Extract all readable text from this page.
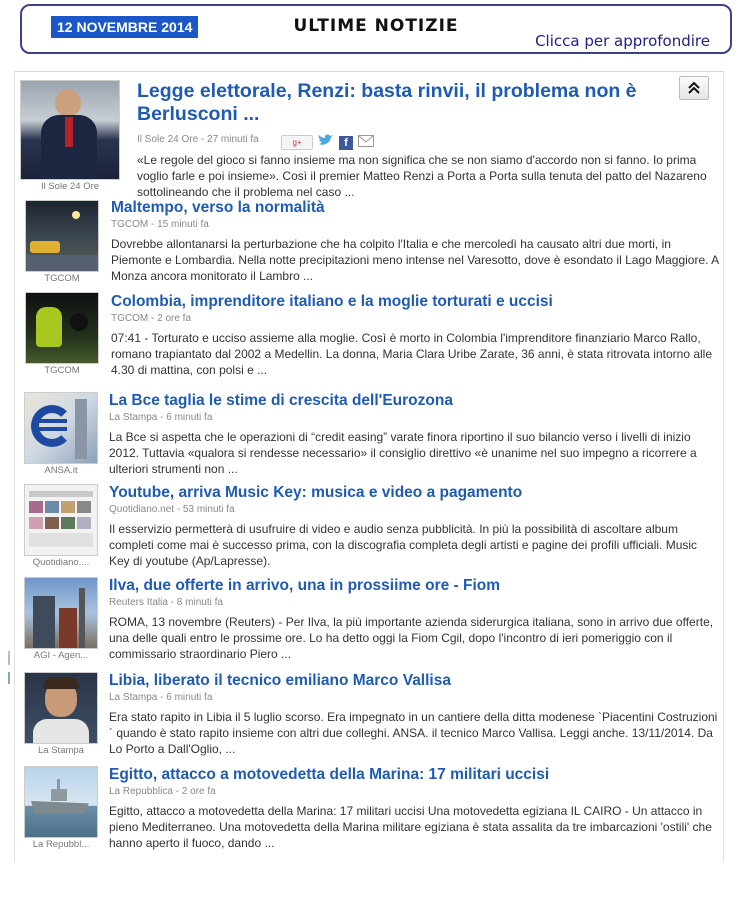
12 NOVEMBRE 2014	ULTIME NOTIZIE
Clicca per approfondire
Il Sole 24 Ore
Legge elettorale, Renzi: basta rinvii, il problema non è Berlusconi ...
Il Sole 24 Ore - 27 minuti fa	g+	f
«Le regole del gioco si fanno insieme ma non significa che se non siamo d'accordo non si fanno. Io prima voglio farle e poi insieme». Così il premier Matteo Renzi a Porta a Porta sulla tenuta del patto del Nazareno sottolineando che il problema nel caso ...
TGCOM
Maltempo, verso la normalità
TGCOM - 15 minuti fa
Dovrebbe allontanarsi la perturbazione che ha colpito l'Italia e che mercoledì ha causato altri due morti, in Piemonte e Lombardia. Nella notte precipitazioni meno intense nel Varesotto, dove è esondato il Lago Maggiore. A Monza ancora monitorato il Lambro ...
TGCOM
Colombia, imprenditore italiano e la moglie torturati e uccisi
TGCOM - 2 ore fa
07:41 - Torturato e ucciso assieme alla moglie. Così è morto in Colombia l'imprenditore finanziario Marco Rallo, romano trapiantato dal 2002 a Medellin. La donna, Maria Clara Uribe Zarate, 36 anni, è stata ritrovata intorno alle 4.30 di mattina, con polsi e ...
ANSA.it
La Bce taglia le stime di crescita dell'Eurozona
La Stampa - 6 minuti fa
La Bce si aspetta che le operazioni di “credit easing” varate finora riportino il suo bilancio verso i livelli di inizio 2012. Tuttavia «qualora si rendesse necessario» il consiglio direttivo «è unanime nel suo impegno a ricorrere a ulteriori strumenti non ...
Quotidiano....
Youtube, arriva Music Key: musica e video a pagamento
Quotidiano.net - 53 minuti fa
Il esservizio permetterà di usufruire di video e audio senza pubblicità. In più la possibilità di ascoltare album completi come mai è successo prima, con la discografia completa degli artisti e pagine dei profili ufficiali. Music Key di youtube (Ap/Lapresse).
AGI - Agen...
Ilva, due offerte in arrivo, una in prossiime ore - Fiom
Reuters Italia - 8 minuti fa
ROMA, 13 novembre (Reuters) - Per Ilva, la più importante azienda siderurgica italiana, sono in arrivo due offerte, una delle quali entro le prossime ore. Lo ha detto oggi la Fiom Cgil, dopo l'incontro di ieri pomeriggio con il commissario straordinario Piero ...
La Stampa
Libia, liberato il tecnico emiliano Marco Vallisa
La Stampa - 6 minuti fa
Era stato rapito in Libia il 5 luglio scorso. Era impegnato in un cantiere della ditta modenese `Piacentini Costruzioni´ quando è stato rapito insieme con altri due colleghi. ANSA. il tecnico Marco Vallisa. Leggi anche. 13/11/2014. Da Lo Porto a Dall'Oglio, ...
La Repubbl...
Egitto, attacco a motovedetta della Marina: 17 militari uccisi
La Repubblica - 2 ore fa
Egitto, attacco a motovedetta della Marina: 17 militari uccisi Una motovedetta egiziana IL CAIRO - Un attacco in pieno Mediterraneo. Una motovedetta della Marina militare egiziana è stata assalita da tre imbarcazioni 'ostili' che hanno aperto il fuoco, dando ...
